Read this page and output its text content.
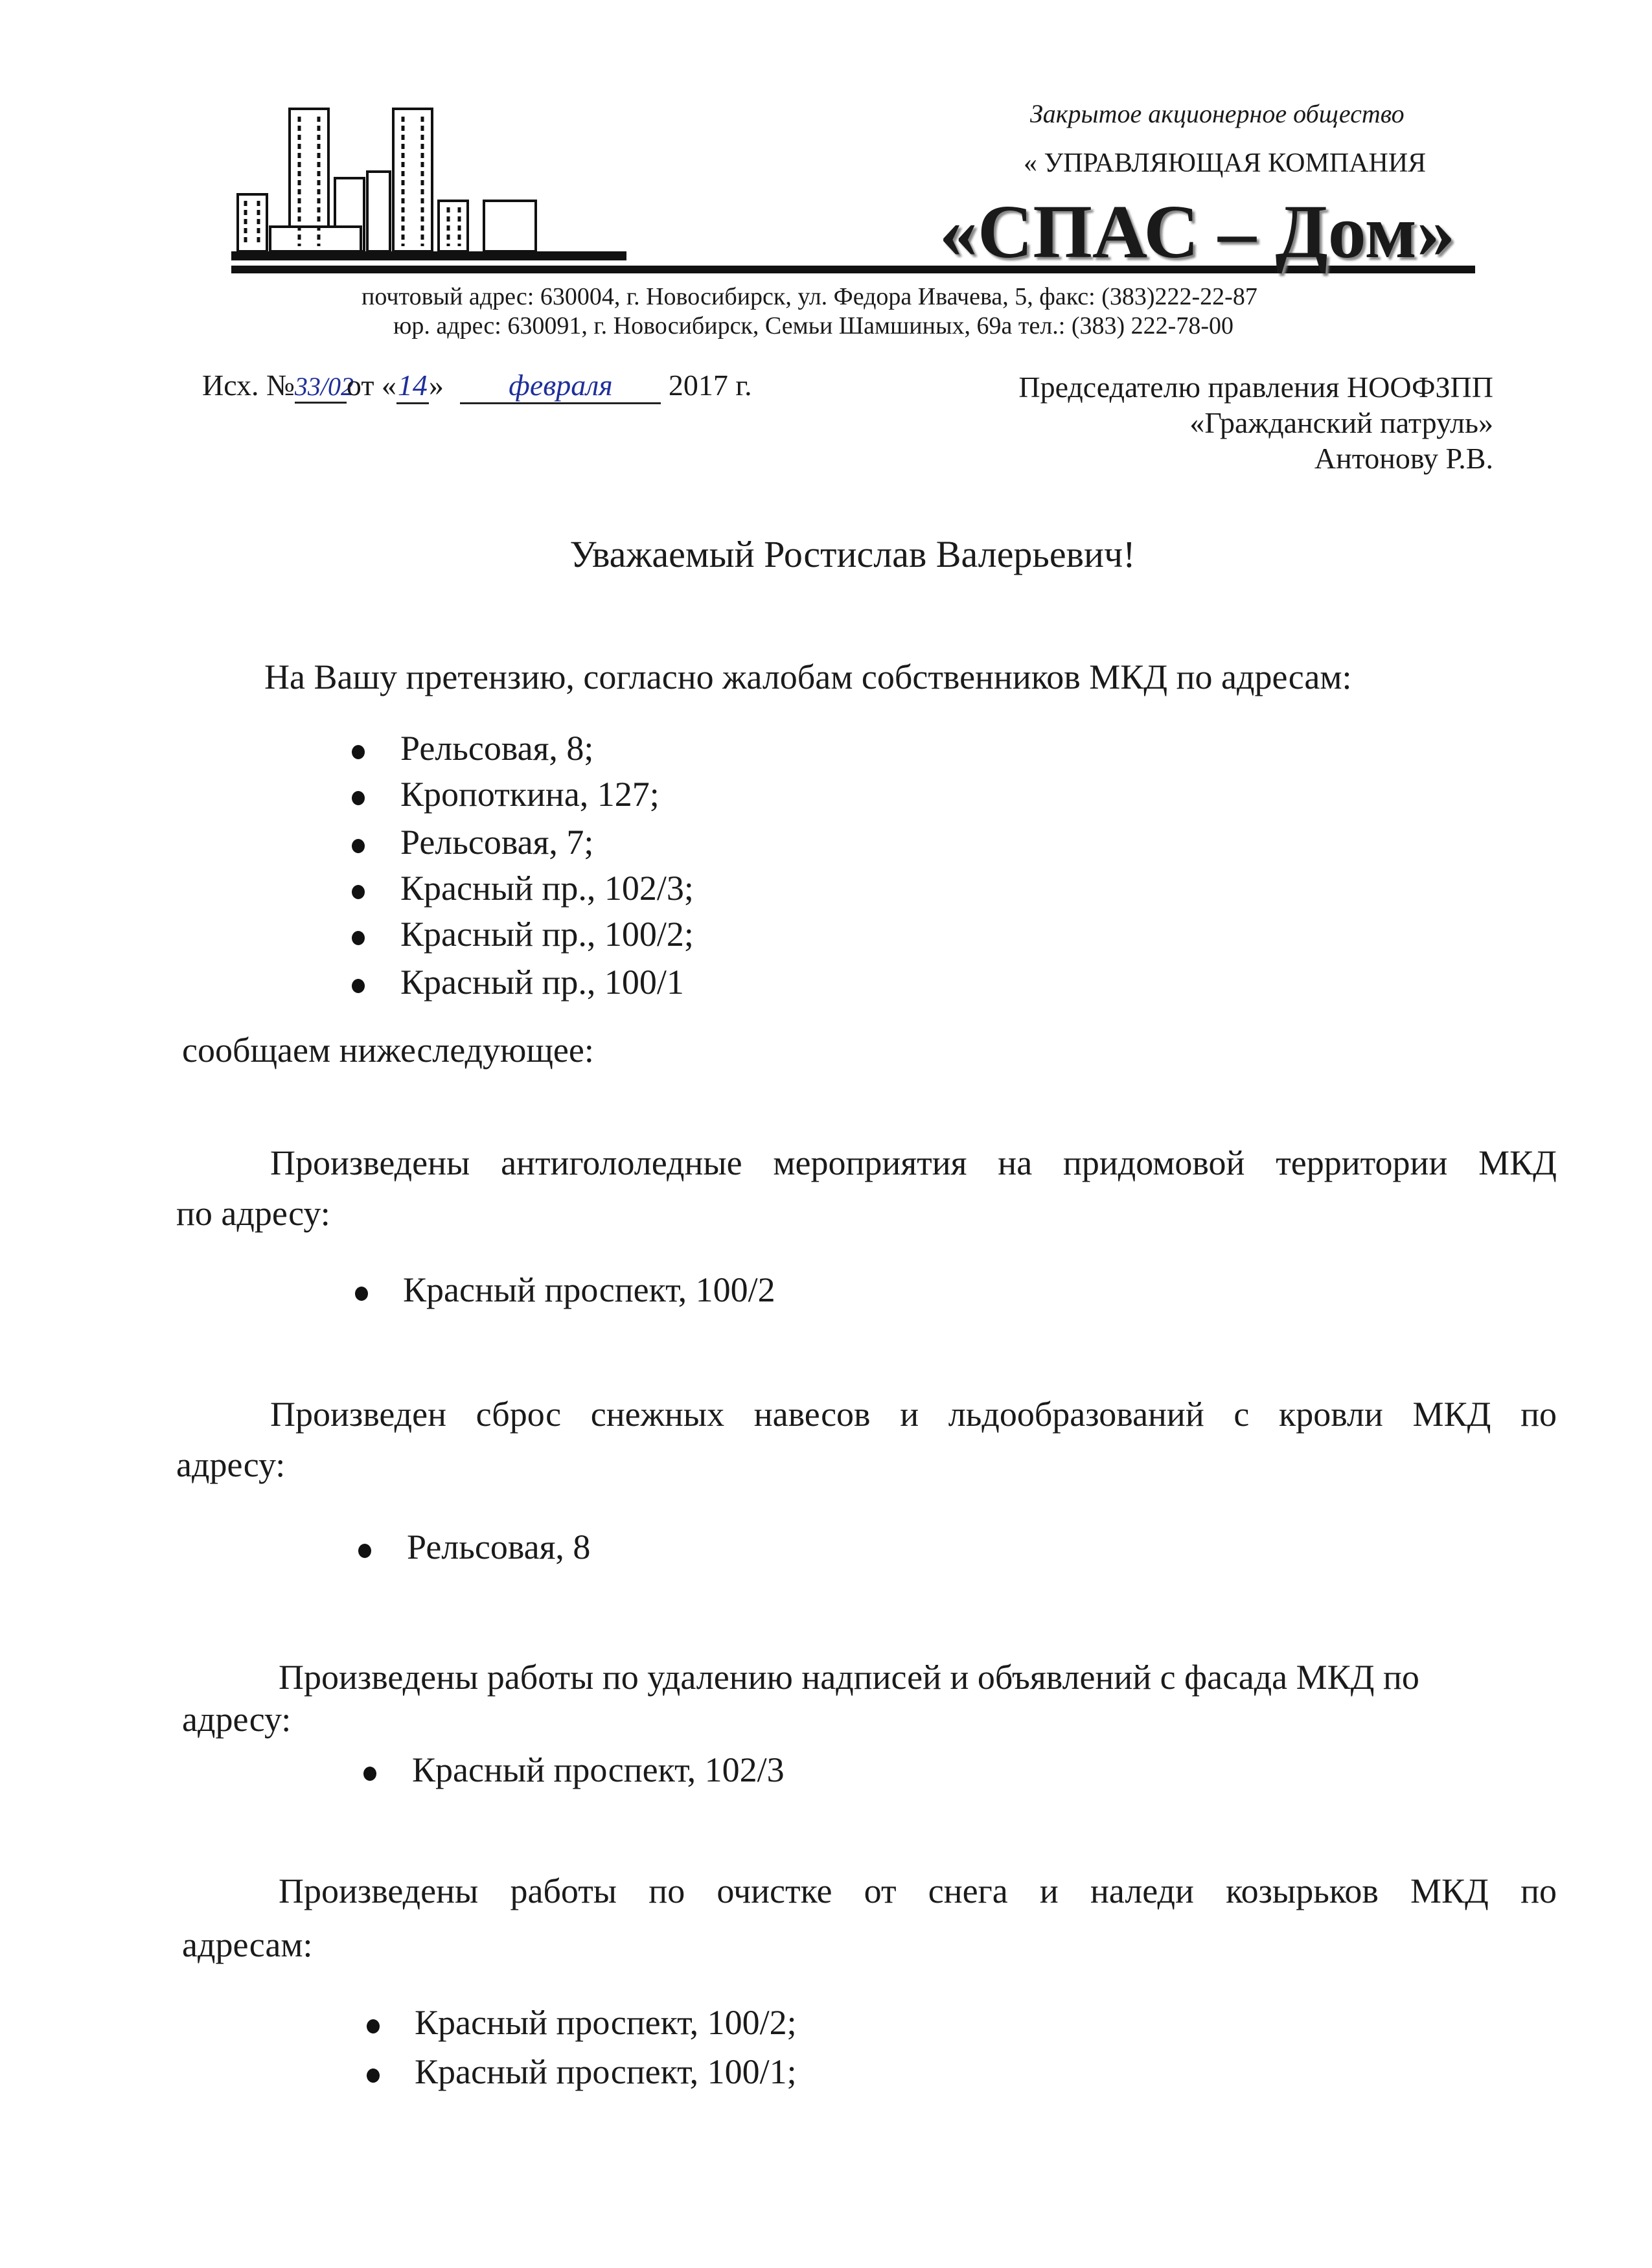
Закрытое акционерное общество
« УПРАВЛЯЮЩАЯ КОМПАНИЯ
«СПАС – Дом»
почтовый адрес: 630004, г. Новосибирск, ул. Федора Ивачева, 5, факс: (383)222-22-87
юр. адрес: 630091, г. Новосибирск, Семьи Шамшиных, 69а тел.: (383) 222-78-00
Исх. №33/02от «14» февраля 2017 г.	Председателю правления НООФЗПП
«Гражданский патруль»
Антонову Р.В.
Уважаемый Ростислав Валерьевич!
На Вашу претензию, согласно жалобам собственников МКД по адресам:
Рельсовая, 8;
Кропоткина, 127;
Рельсовая, 7;
Красный пр., 102/3;
Красный пр., 100/2;
Красный пр., 100/1
сообщаем нижеследующее:
Произведены антигололедные мероприятия на придомовой территории МКД
по адресу:
Красный проспект, 100/2
Произведен сброс снежных навесов и льдообразований с кровли МКД по
адресу:
Рельсовая, 8
Произведены работы по удалению надписей и объявлений с фасада МКД по
адресу:
Красный проспект, 102/3
Произведены работы по очистке от снега и наледи козырьков МКД по
адресам:
Красный проспект, 100/2;
Красный проспект, 100/1;
